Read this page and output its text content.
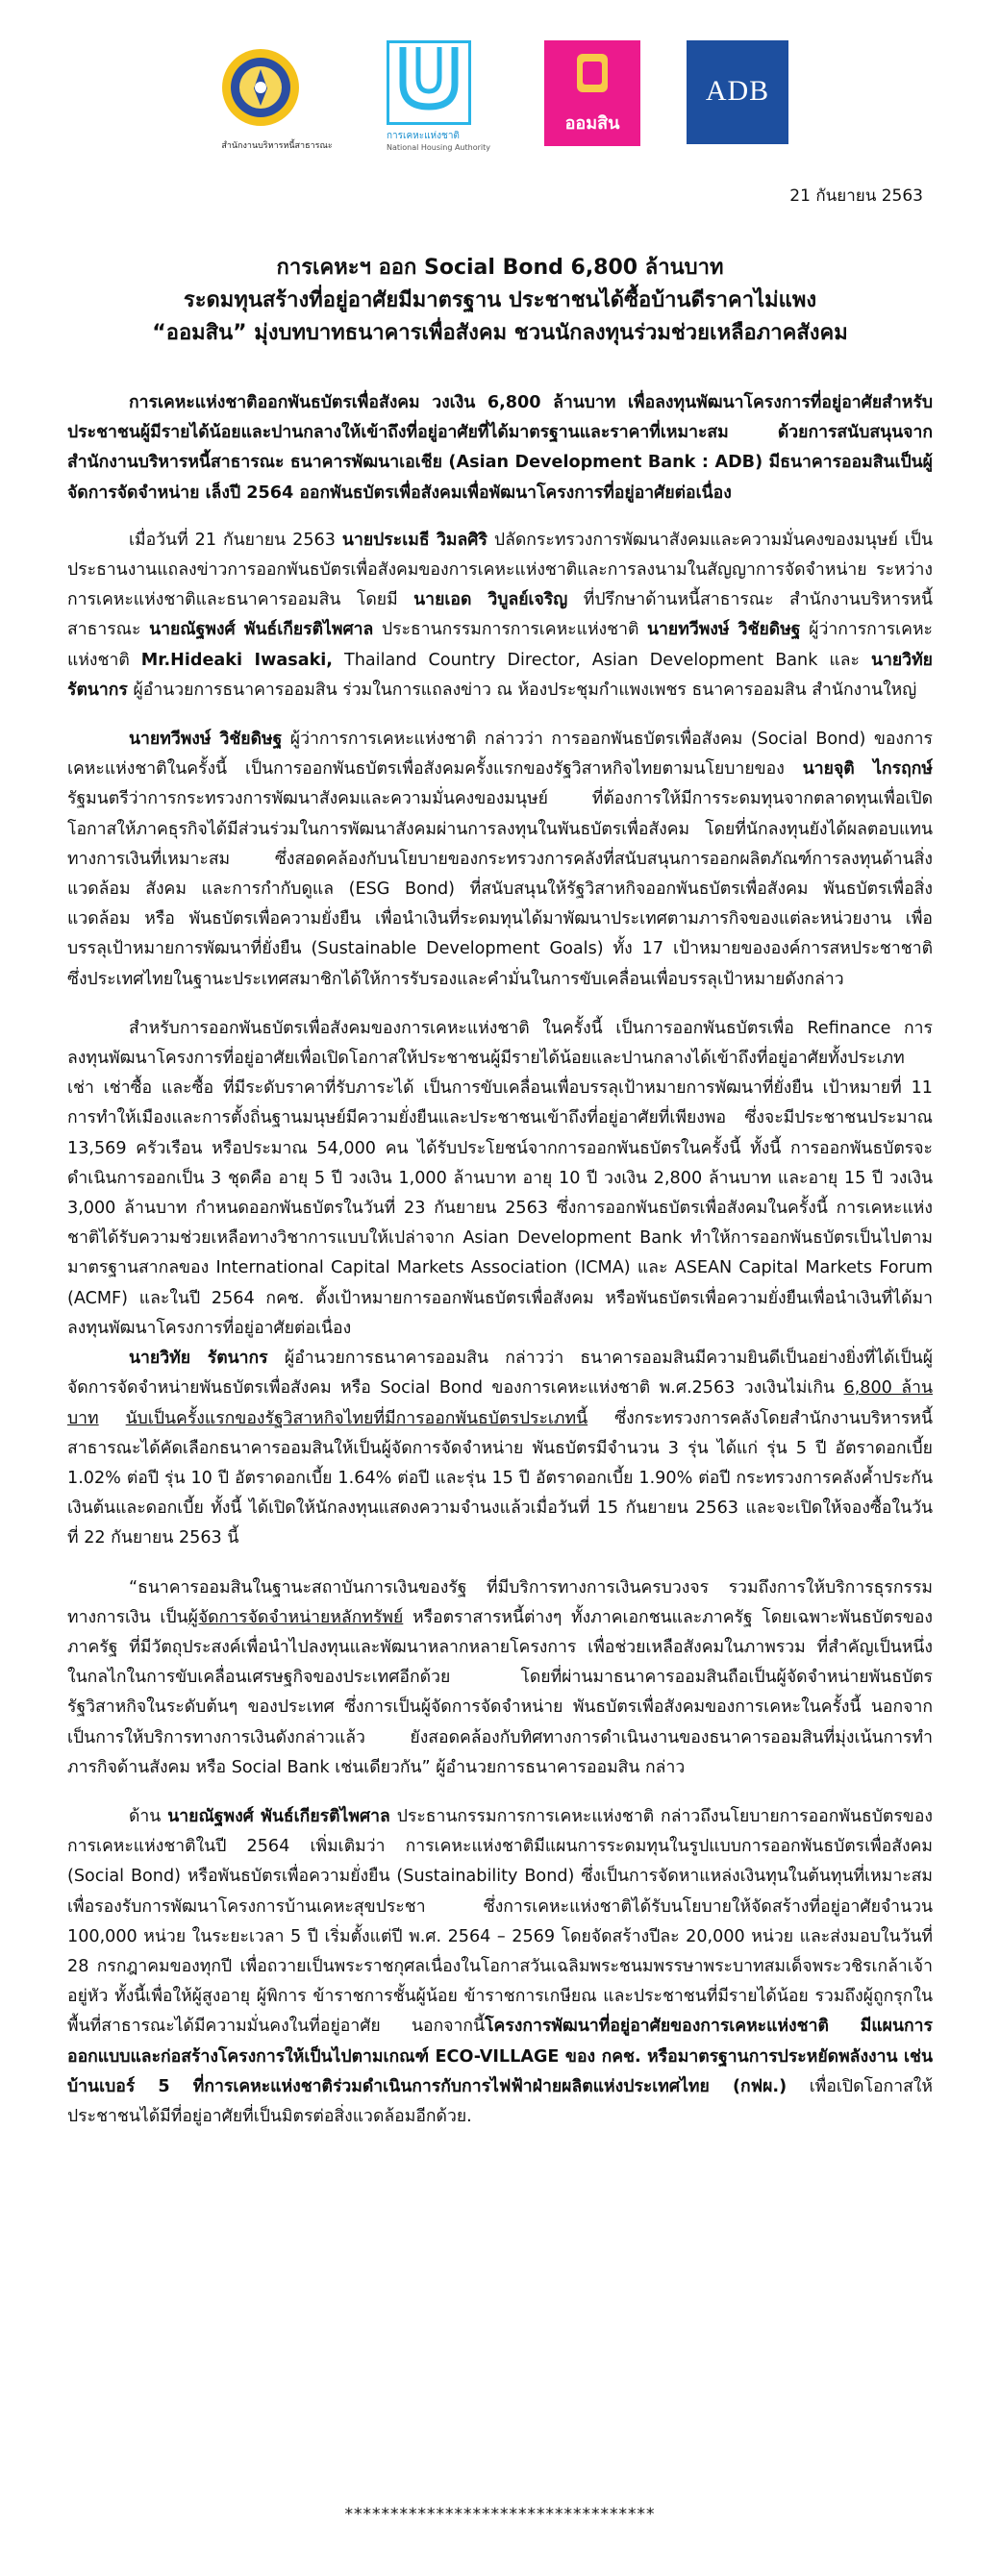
สำนักงานบริหารหนี้สาธารณะ
การเคหะแห่งชาติ
National Housing Authority
ออมสิน
ADB
21 กันยายน 2563
การเคหะฯ ออก Social Bond 6,800 ล้านบาท
ระดมทุนสร้างที่อยู่อาศัยมีมาตรฐาน ประชาชนได้ซื้อบ้านดีราคาไม่แพง
“ออมสิน” มุ่งบทบาทธนาคารเพื่อสังคม ชวนนักลงทุนร่วมช่วยเหลือภาคสังคม

การเคหะแห่งชาติออกพันธบัตรเพื่อสังคม วงเงิน 6,800 ล้านบาท เพื่อลงทุนพัฒนาโครงการที่อยู่อาศัยสำหรับประชาชนผู้มีรายได้น้อยและปานกลางให้เข้าถึงที่อยู่อาศัยที่ได้มาตรฐานและราคาที่เหมาะสม ด้วยการสนับสนุนจากสำนักงานบริหารหนี้สาธารณะ ธนาคารพัฒนาเอเชีย (Asian Development Bank : ADB) มีธนาคารออมสินเป็นผู้จัดการจัดจำหน่าย เล็งปี 2564 ออกพันธบัตรเพื่อสังคมเพื่อพัฒนาโครงการที่อยู่อาศัยต่อเนื่อง

เมื่อวันที่ 21 กันยายน 2563 นายประเมธี วิมลศิริ ปลัดกระทรวงการพัฒนาสังคมและความมั่นคงของมนุษย์ เป็นประธานงานแถลงข่าวการออกพันธบัตรเพื่อสังคมของการเคหะแห่งชาติและการลงนามในสัญญาการจัดจำหน่าย ระหว่างการเคหะแห่งชาติและธนาคารออมสิน โดยมี นายเอด วิบูลย์เจริญ ที่ปรึกษาด้านหนี้สาธารณะ สำนักงานบริหารหนี้สาธารณะ นายณัฐพงศ์ พันธ์เกียรติไพศาล ประธานกรรมการการเคหะแห่งชาติ นายทวีพงษ์ วิชัยดิษฐ ผู้ว่าการการเคหะแห่งชาติ Mr.Hideaki Iwasaki, Thailand Country Director, Asian Development Bank และ นายวิทัย รัตนากร ผู้อำนวยการธนาคารออมสิน ร่วมในการแถลงข่าว ณ ห้องประชุมกำแพงเพชร ธนาคารออมสิน สำนักงานใหญ่

นายทวีพงษ์ วิชัยดิษฐ ผู้ว่าการการเคหะแห่งชาติ กล่าวว่า การออกพันธบัตรเพื่อสังคม (Social Bond) ของการเคหะแห่งชาติในครั้งนี้ เป็นการออกพันธบัตรเพื่อสังคมครั้งแรกของรัฐวิสาหกิจไทยตามนโยบายของ นายจุติ ไกรฤกษ์ รัฐมนตรีว่าการกระทรวงการพัฒนาสังคมและความมั่นคงของมนุษย์ ที่ต้องการให้มีการระดมทุนจากตลาดทุนเพื่อเปิดโอกาสให้ภาคธุรกิจได้มีส่วนร่วมในการพัฒนาสังคมผ่านการลงทุนในพันธบัตรเพื่อสังคม โดยที่นักลงทุนยังได้ผลตอบแทนทางการเงินที่เหมาะสม ซึ่งสอดคล้องกับนโยบายของกระทรวงการคลังที่สนับสนุนการออกผลิตภัณฑ์การลงทุนด้านสิ่งแวดล้อม สังคม และการกำกับดูแล (ESG Bond) ที่สนับสนุนให้รัฐวิสาหกิจออกพันธบัตรเพื่อสังคม พันธบัตรเพื่อสิ่งแวดล้อม หรือ พันธบัตรเพื่อความยั่งยืน เพื่อนำเงินที่ระดมทุนได้มาพัฒนาประเทศตามภารกิจของแต่ละหน่วยงาน เพื่อบรรลุเป้าหมายการพัฒนาที่ยั่งยืน (Sustainable Development Goals) ทั้ง 17 เป้าหมายขององค์การสหประชาชาติ ซึ่งประเทศไทยในฐานะประเทศสมาชิกได้ให้การรับรองและคำมั่นในการขับเคลื่อนเพื่อบรรลุเป้าหมายดังกล่าว

สำหรับการออกพันธบัตรเพื่อสังคมของการเคหะแห่งชาติ ในครั้งนี้ เป็นการออกพันธบัตรเพื่อ Refinance การลงทุนพัฒนาโครงการที่อยู่อาศัยเพื่อเปิดโอกาสให้ประชาชนผู้มีรายได้น้อยและปานกลางได้เข้าถึงที่อยู่อาศัยทั้งประเภท เช่า เช่าซื้อ และซื้อ ที่มีระดับราคาที่รับภาระได้ เป็นการขับเคลื่อนเพื่อบรรลุเป้าหมายการพัฒนาที่ยั่งยืน เป้าหมายที่ 11 การทำให้เมืองและการตั้งถิ่นฐานมนุษย์มีความยั่งยืนและประชาชนเข้าถึงที่อยู่อาศัยที่เพียงพอ ซึ่งจะมีประชาชนประมาณ 13,569 ครัวเรือน หรือประมาณ 54,000 คน ได้รับประโยชน์จากการออกพันธบัตรในครั้งนี้ ทั้งนี้ การออกพันธบัตรจะดำเนินการออกเป็น 3 ชุดคือ อายุ 5 ปี วงเงิน 1,000 ล้านบาท อายุ 10 ปี วงเงิน 2,800 ล้านบาท และอายุ 15 ปี วงเงิน 3,000 ล้านบาท กำหนดออกพันธบัตรในวันที่ 23 กันยายน 2563 ซึ่งการออกพันธบัตรเพื่อสังคมในครั้งนี้ การเคหะแห่งชาติได้รับความช่วยเหลือทางวิชาการแบบให้เปล่าจาก Asian Development Bank ทำให้การออกพันธบัตรเป็นไปตามมาตรฐานสากลของ International Capital Markets Association (ICMA) และ ASEAN Capital Markets Forum (ACMF) และในปี 2564 กคช. ตั้งเป้าหมายการออกพันธบัตรเพื่อสังคม หรือพันธบัตรเพื่อความยั่งยืนเพื่อนำเงินที่ได้มาลงทุนพัฒนาโครงการที่อยู่อาศัยต่อเนื่อง

นายวิทัย รัตนากร ผู้อำนวยการธนาคารออมสิน กล่าวว่า ธนาคารออมสินมีความยินดีเป็นอย่างยิ่งที่ได้เป็นผู้จัดการจัดจำหน่ายพันธบัตรเพื่อสังคม หรือ Social Bond ของการเคหะแห่งชาติ พ.ศ.2563 วงเงินไม่เกิน 6,800 ล้านบาท นับเป็นครั้งแรกของรัฐวิสาหกิจไทยที่มีการออกพันธบัตรประเภทนี้ ซึ่งกระทรวงการคลังโดยสำนักงานบริหารหนี้สาธารณะได้คัดเลือกธนาคารออมสินให้เป็นผู้จัดการจัดจำหน่าย พันธบัตรมีจำนวน 3 รุ่น ได้แก่ รุ่น 5 ปี อัตราดอกเบี้ย 1.02% ต่อปี รุ่น 10 ปี อัตราดอกเบี้ย 1.64% ต่อปี และรุ่น 15 ปี อัตราดอกเบี้ย 1.90% ต่อปี กระทรวงการคลังค้ำประกันเงินต้นและดอกเบี้ย ทั้งนี้ ได้เปิดให้นักลงทุนแสดงความจำนงแล้วเมื่อวันที่ 15 กันยายน 2563 และจะเปิดให้จองซื้อในวันที่ 22 กันยายน 2563 นี้

“ธนาคารออมสินในฐานะสถาบันการเงินของรัฐ ที่มีบริการทางการเงินครบวงจร รวมถึงการให้บริการธุรกรรมทางการเงิน เป็นผู้จัดการจัดจำหน่ายหลักทรัพย์ หรือตราสารหนี้ต่างๆ ทั้งภาคเอกชนและภาครัฐ โดยเฉพาะพันธบัตรของภาครัฐ ที่มีวัตถุประสงค์เพื่อนำไปลงทุนและพัฒนาหลากหลายโครงการ เพื่อช่วยเหลือสังคมในภาพรวม ที่สำคัญเป็นหนึ่งในกลไกในการขับเคลื่อนเศรษฐกิจของประเทศอีกด้วย โดยที่ผ่านมาธนาคารออมสินถือเป็นผู้จัดจำหน่ายพันธบัตรรัฐวิสาหกิจในระดับต้นๆ ของประเทศ ซึ่งการเป็นผู้จัดการจัดจำหน่าย พันธบัตรเพื่อสังคมของการเคหะในครั้งนี้ นอกจากเป็นการให้บริการทางการเงินดังกล่าวแล้ว ยังสอดคล้องกับทิศทางการดำเนินงานของธนาคารออมสินที่มุ่งเน้นการทำภารกิจด้านสังคม หรือ Social Bank เช่นเดียวกัน” ผู้อำนวยการธนาคารออมสิน กล่าว

ด้าน นายณัฐพงศ์ พันธ์เกียรติไพศาล ประธานกรรมการการเคหะแห่งชาติ กล่าวถึงนโยบายการออกพันธบัตรของการเคหะแห่งชาติในปี 2564 เพิ่มเติมว่า การเคหะแห่งชาติมีแผนการระดมทุนในรูปแบบการออกพันธบัตรเพื่อสังคม (Social Bond) หรือพันธบัตรเพื่อความยั่งยืน (Sustainability Bond) ซึ่งเป็นการจัดหาแหล่งเงินทุนในต้นทุนที่เหมาะสม เพื่อรองรับการพัฒนาโครงการบ้านเคหะสุขประชา ซึ่งการเคหะแห่งชาติได้รับนโยบายให้จัดสร้างที่อยู่อาศัยจำนวน 100,000 หน่วย ในระยะเวลา 5 ปี เริ่มตั้งแต่ปี พ.ศ. 2564 – 2569 โดยจัดสร้างปีละ 20,000 หน่วย และส่งมอบในวันที่ 28 กรกฎาคมของทุกปี เพื่อถวายเป็นพระราชกุศลเนื่องในโอกาสวันเฉลิมพระชนมพรรษาพระบาทสมเด็จพระวชิรเกล้าเจ้าอยู่หัว ทั้งนี้เพื่อให้ผู้สูงอายุ ผู้พิการ ข้าราชการชั้นผู้น้อย ข้าราชการเกษียณ และประชาชนที่มีรายได้น้อย รวมถึงผู้ถูกรุกในพื้นที่สาธารณะได้มีความมั่นคงในที่อยู่อาศัย นอกจากนี้โครงการพัฒนาที่อยู่อาศัยของการเคหะแห่งชาติ มีแผนการออกแบบและก่อสร้างโครงการให้เป็นไปตามเกณฑ์ ECO-VILLAGE ของ กคช. หรือมาตรฐานการประหยัดพลังงาน เช่น บ้านเบอร์ 5 ที่การเคหะแห่งชาติร่วมดำเนินการกับการไฟฟ้าฝ่ายผลิตแห่งประเทศไทย (กฟผ.) เพื่อเปิดโอกาสให้ประชาชนได้มีที่อยู่อาศัยที่เป็นมิตรต่อสิ่งแวดล้อมอีกด้วย.

**********************************
